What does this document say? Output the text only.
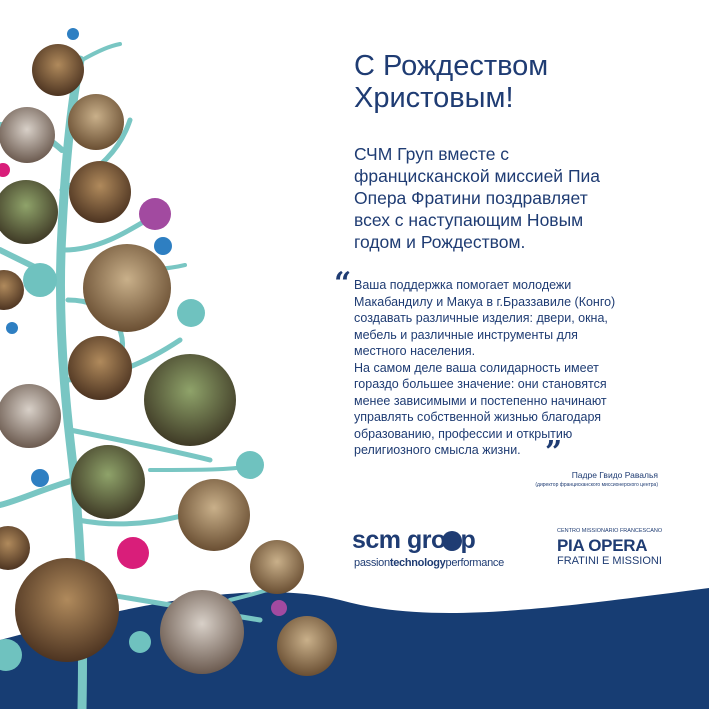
С Рождеством
Христовым!

СЧМ Груп вместе с
францисканской миссией Пиа
Опера Фратини поздравляет
всех с наступающим Новым
годом и Рождеством.

“ Ваша поддержка помогает молодежи
Макабандилу и Макуа в г.Браззавиле (Конго)
создавать различные изделия: двери, окна,
мебель и различные инструменты для
местного населения.
На самом деле ваша солидарность имеет
гораздо большее значение: они становятся
менее зависимыми и постепенно начинают
управлять собственной жизнью благодаря
образованию, профессии и открытию
религиозного смысла жизни. ”
Падре Гвидо Равалья
(директор францисканского миссионерского центра)
scm group
passiontechnologyperformance
CENTRO MISSIONARIO FRANCESCANO
PIA OPERA
FRATINI E MISSIONI
